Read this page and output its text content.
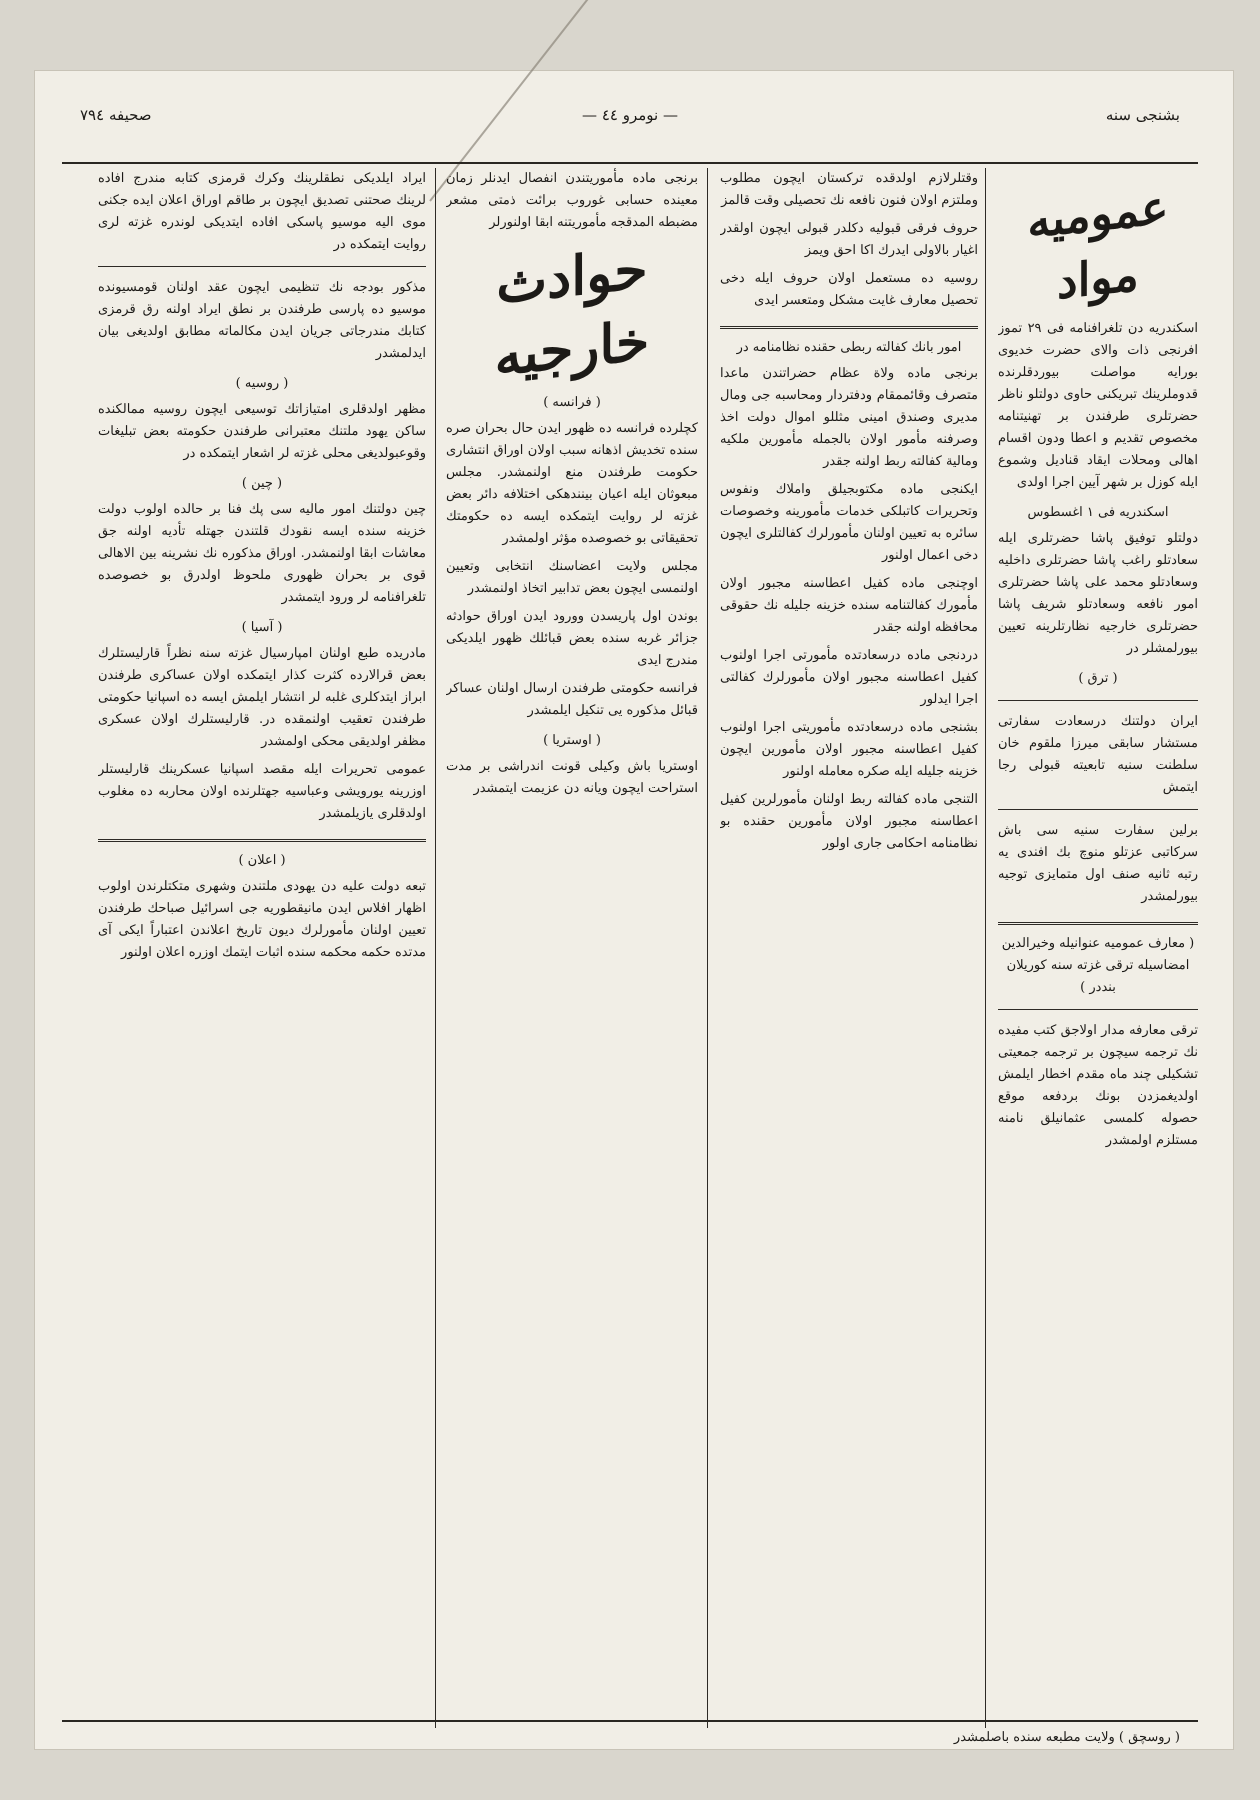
بشنجى سنه
— نومرو ٤٤ —
صحيفه ٧٩٤
عموميه مواد

اسكندريه دن تلغرافنامه فى ٢٩ تموز افرنجى ذات والاى حضرت خديوى بورايه مواصلت بيوردقلرنده قدوملرينك تبريكنى حاوى دولتلو ناظر حضرتلرى طرفندن بر تهنيتنامه مخصوص تقديم و اعطا ودون اقسام اهالى ومحلات ايقاد قناديل وشموع ايله كوزل بر شهر آيين اجرا اولدى

اسكندريه فى ١ اغسطوس

دولتلو توفيق پاشا حضرتلرى ايله سعادتلو راغب پاشا حضرتلرى داخليه وسعادتلو محمد على پاشا حضرتلرى امور نافعه وسعادتلو شريف پاشا حضرتلرى خارجيه نظارتلرينه تعيين بيورلمشلر در

( ترق )

ايران دولتنك درسعادت سفارتى مستشار سابقى ميرزا ملقوم خان سلطنت سنيه تابعيته قبولى رجا ايتمش

برلين سفارت سنيه سى باش سركاتبى عزتلو منوچ بك افندى يه رتبه ثانيه صنف اول متمايزى توجيه بيورلمشدر

( معارف عموميه عنوانيله وخيرالدين امضاسيله ترقى غزته سنه كوريلان بنددر )

ترقى معارفه مدار اولاجق كتب مفيده نك ترجمه سيچون بر ترجمه جمعيتى تشكيلى چند ماه مقدم اخطار ايلمش اولديغمزدن بونك بردفعه موقع حصوله كلمسى عثمانيلق نامنه مستلزم اولمشدر

وقتلرلازم اولدقده تركستان ايچون مطلوب وملتزم اولان فنون نافعه نك تحصيلى وقت قالمز

حروف فرقى قبوليه دكلدر قبولى ايچون اولقدر اغيار بالاولى ايدرك اكا احق ويمز

روسيه ده مستعمل اولان حروف ايله دخى تحصيل معارف غايت مشكل ومتعسر ايدى

امور بانك كفالته ربطى حقنده نظامنامه در

برنجى ماده ولاة عظام حضراتندن ماعدا متصرف وقائممقام ودفتردار ومحاسبه جى ومال مديرى وصندق امينى مثللو اموال دولت اخذ وصرفنه مأمور اولان بالجمله مأمورين ملكيه ومالية كفالته ربط اولنه جقدر

ايكنجى ماده مكتوبجيلق واملاك ونفوس وتحريرات كاتبلكى خدمات مأمورينه وخصوصات سائره به تعيين اولنان مأمورلرك كفالتلرى ايچون دخى اعمال اولنور

اوچنجى ماده كفيل اعطاسنه مجبور اولان مأمورك كفالتنامه سنده خزينه جليله نك حقوقى محافظه اولنه جقدر

دردنجى ماده درسعادتده مأمورتى اجرا اولنوب كفيل اعطاسنه مجبور اولان مأمورلرك كفالتى اجرا ايدلور

بشنجى ماده درسعادتده مأموريتى اجرا اولنوب كفيل اعطاسنه مجبور اولان مأمورين ايچون خزينه جليله ايله صكره معامله اولنور

التنجى ماده كفالته ربط اولنان مأمورلرين كفيل اعطاسنه مجبور اولان مأمورين حقنده بو نظامنامه احكامى جارى اولور

برنجى ماده مأموريتندن انفصال ايدنلر زمان معينده حسابى غوروب برائت ذمتى مشعر مضبطه المدقجه مأموريتنه ابقا اولنورلر

حوادث خارجيه
( فرانسه )

كچلرده فرانسه ده ظهور ايدن حال بحران صره سنده تخديش اذهانه سبب اولان اوراق انتشارى حكومت طرفندن منع اولنمشدر. مجلس مبعوثان ايله اعيان بينندهكى اختلافه دائر بعض غزته لر روايت ايتمكده ايسه ده حكومتك تحقيقاتى بو خصوصده مؤثر اولمشدر

مجلس ولايت اعضاسنك انتخابى وتعيين اولنمسى ايچون بعض تدابير اتخاذ اولنمشدر

بوندن اول پاريسدن وورود ايدن اوراق حوادثه جزائر غربه سنده بعض قبائلك ظهور ايلديكى مندرج ايدى

فرانسه حكومتى طرفندن ارسال اولنان عساكر قبائل مذكوره يى تنكيل ايلمشدر

( اوستريا )

اوستريا باش وكيلى قونت اندراشى بر مدت استراحت ايچون ويانه دن عزيمت ايتمشدر

ايراد ايلديكى نطقلرينك وكرك قرمزى كتابه مندرج افاده لرينك صحتنى تصديق ايچون بر طاقم اوراق اعلان ايده جكنى موى اليه موسيو پاسكى افاده ايتديكى لوندره غزته لرى روايت ايتمكده در

مذكور بودجه نك تنظيمى ايچون عقد اولنان قومسيونده موسيو ده پارسى طرفندن بر نطق ايراد اولنه رق قرمزى كتابك مندرجاتى جريان ايدن مكالماته مطابق اولديغى بيان ايدلمشدر

( روسيه )

مظهر اولدقلرى امتيازاتك توسيعى ايچون روسيه ممالكنده ساكن يهود ملتنك معتبرانى طرفندن حكومته بعض تبليغات وقوعبولديغى محلى غزته لر اشعار ايتمكده در

( چين )

چين دولتنك امور ماليه سى پك فنا بر حالده اولوب دولت خزينه سنده ايسه نقودك قلتندن جهتله تأديه اولنه جق معاشات ابقا اولنمشدر. اوراق مذكوره نك نشرينه بين الاهالى قوى بر بحران ظهورى ملحوظ اولدرق بو خصوصده تلغرافنامه لر ورود ايتمشدر

( آسيا )

مادريده طبع اولنان امپارسيال غزته سنه نظراً قارليستلرك بعض قرالارده كثرت كذار ايتمكده اولان عساكرى طرفندن ابراز ايتدكلرى غلبه لر انتشار ايلمش ايسه ده اسپانيا حكومتى طرفندن تعقيب اولنمقده در. قارليستلرك اولان عسكرى مظفر اولديقى محكى اولمشدر

عمومى تحريرات ايله مقصد اسپانيا عسكرينك قارليستلر اوزرينه يورويشى وعباسيه جهتلرنده اولان محاربه ده مغلوب اولدقلرى يازيلمشدر

( اعلان )

تبعه دولت عليه دن يهودى ملتندن وشهرى متكتلرندن اولوب اظهار افلاس ايدن مانيقطوريه جى اسرائيل صباحك طرفندن تعيين اولنان مأمورلرك ديون تاريخ اعلاندن اعتباراً ايكى آى مدتده حكمه محكمه سنده اثبات ايتمك اوزره اعلان اولنور

( روسچق ) ولايت مطبعه سنده باصلمشدر
